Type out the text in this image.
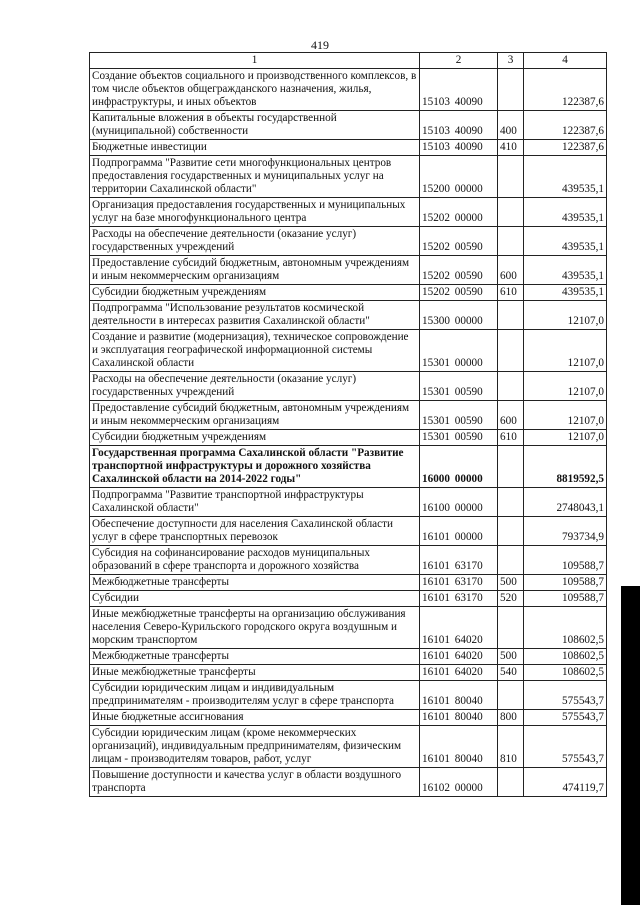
419
1	2	3	4
Создание объектов социального и производственного комплексов, в том числе объектов общегражданского назначения, жилья, инфраструктуры, и иных объектов	15103 40090		122387,6
Капитальные вложения в объекты государственной (муниципальной) собственности	15103 40090	400	122387,6
Бюджетные инвестиции	15103 40090	410	122387,6
Подпрограмма "Развитие сети многофункциональных центров предоставления государственных и муниципальных услуг на территории Сахалинской области"	15200 00000		439535,1
Организация предоставления государственных и муниципальных услуг на базе многофункционального центра	15202 00000		439535,1
Расходы на обеспечение деятельности (оказание услуг) государственных учреждений	15202 00590		439535,1
Предоставление субсидий бюджетным, автономным учреждениям и иным некоммерческим организациям	15202 00590	600	439535,1
Субсидии бюджетным учреждениям	15202 00590	610	439535,1
Подпрограмма "Использование результатов космической деятельности в интересах развития Сахалинской области"	15300 00000		12107,0
Создание и развитие (модернизация), техническое сопровождение и эксплуатация географической информационной системы Сахалинской области	15301 00000		12107,0
Расходы на обеспечение деятельности (оказание услуг) государственных учреждений	15301 00590		12107,0
Предоставление субсидий бюджетным, автономным учреждениям и иным некоммерческим организациям	15301 00590	600	12107,0
Субсидии бюджетным учреждениям	15301 00590	610	12107,0
Государственная программа Сахалинской области "Развитие транспортной инфраструктуры и дорожного хозяйства Сахалинской области на 2014-2022 годы"	16000 00000		8819592,5
Подпрограмма "Развитие транспортной инфраструктуры Сахалинской области"	16100 00000		2748043,1
Обеспечение доступности для населения Сахалинской области услуг в сфере транспортных перевозок	16101 00000		793734,9
Субсидия на софинансирование расходов муниципальных образований в сфере транспорта и дорожного хозяйства	16101 63170		109588,7
Межбюджетные трансферты	16101 63170	500	109588,7
Субсидии	16101 63170	520	109588,7
Иные межбюджетные трансферты на организацию обслуживания населения Северо-Курильского городского округа воздушным и морским транспортом	16101 64020		108602,5
Межбюджетные трансферты	16101 64020	500	108602,5
Иные межбюджетные трансферты	16101 64020	540	108602,5
Субсидии юридическим лицам и индивидуальным предпринимателям - производителям услуг в сфере транспорта	16101 80040		575543,7
Иные бюджетные ассигнования	16101 80040	800	575543,7
Субсидии юридическим лицам (кроме некоммерческих организаций), индивидуальным предпринимателям, физическим лицам - производителям товаров, работ, услуг	16101 80040	810	575543,7
Повышение доступности и качества услуг в области воздушного транспорта	16102 00000		474119,7
